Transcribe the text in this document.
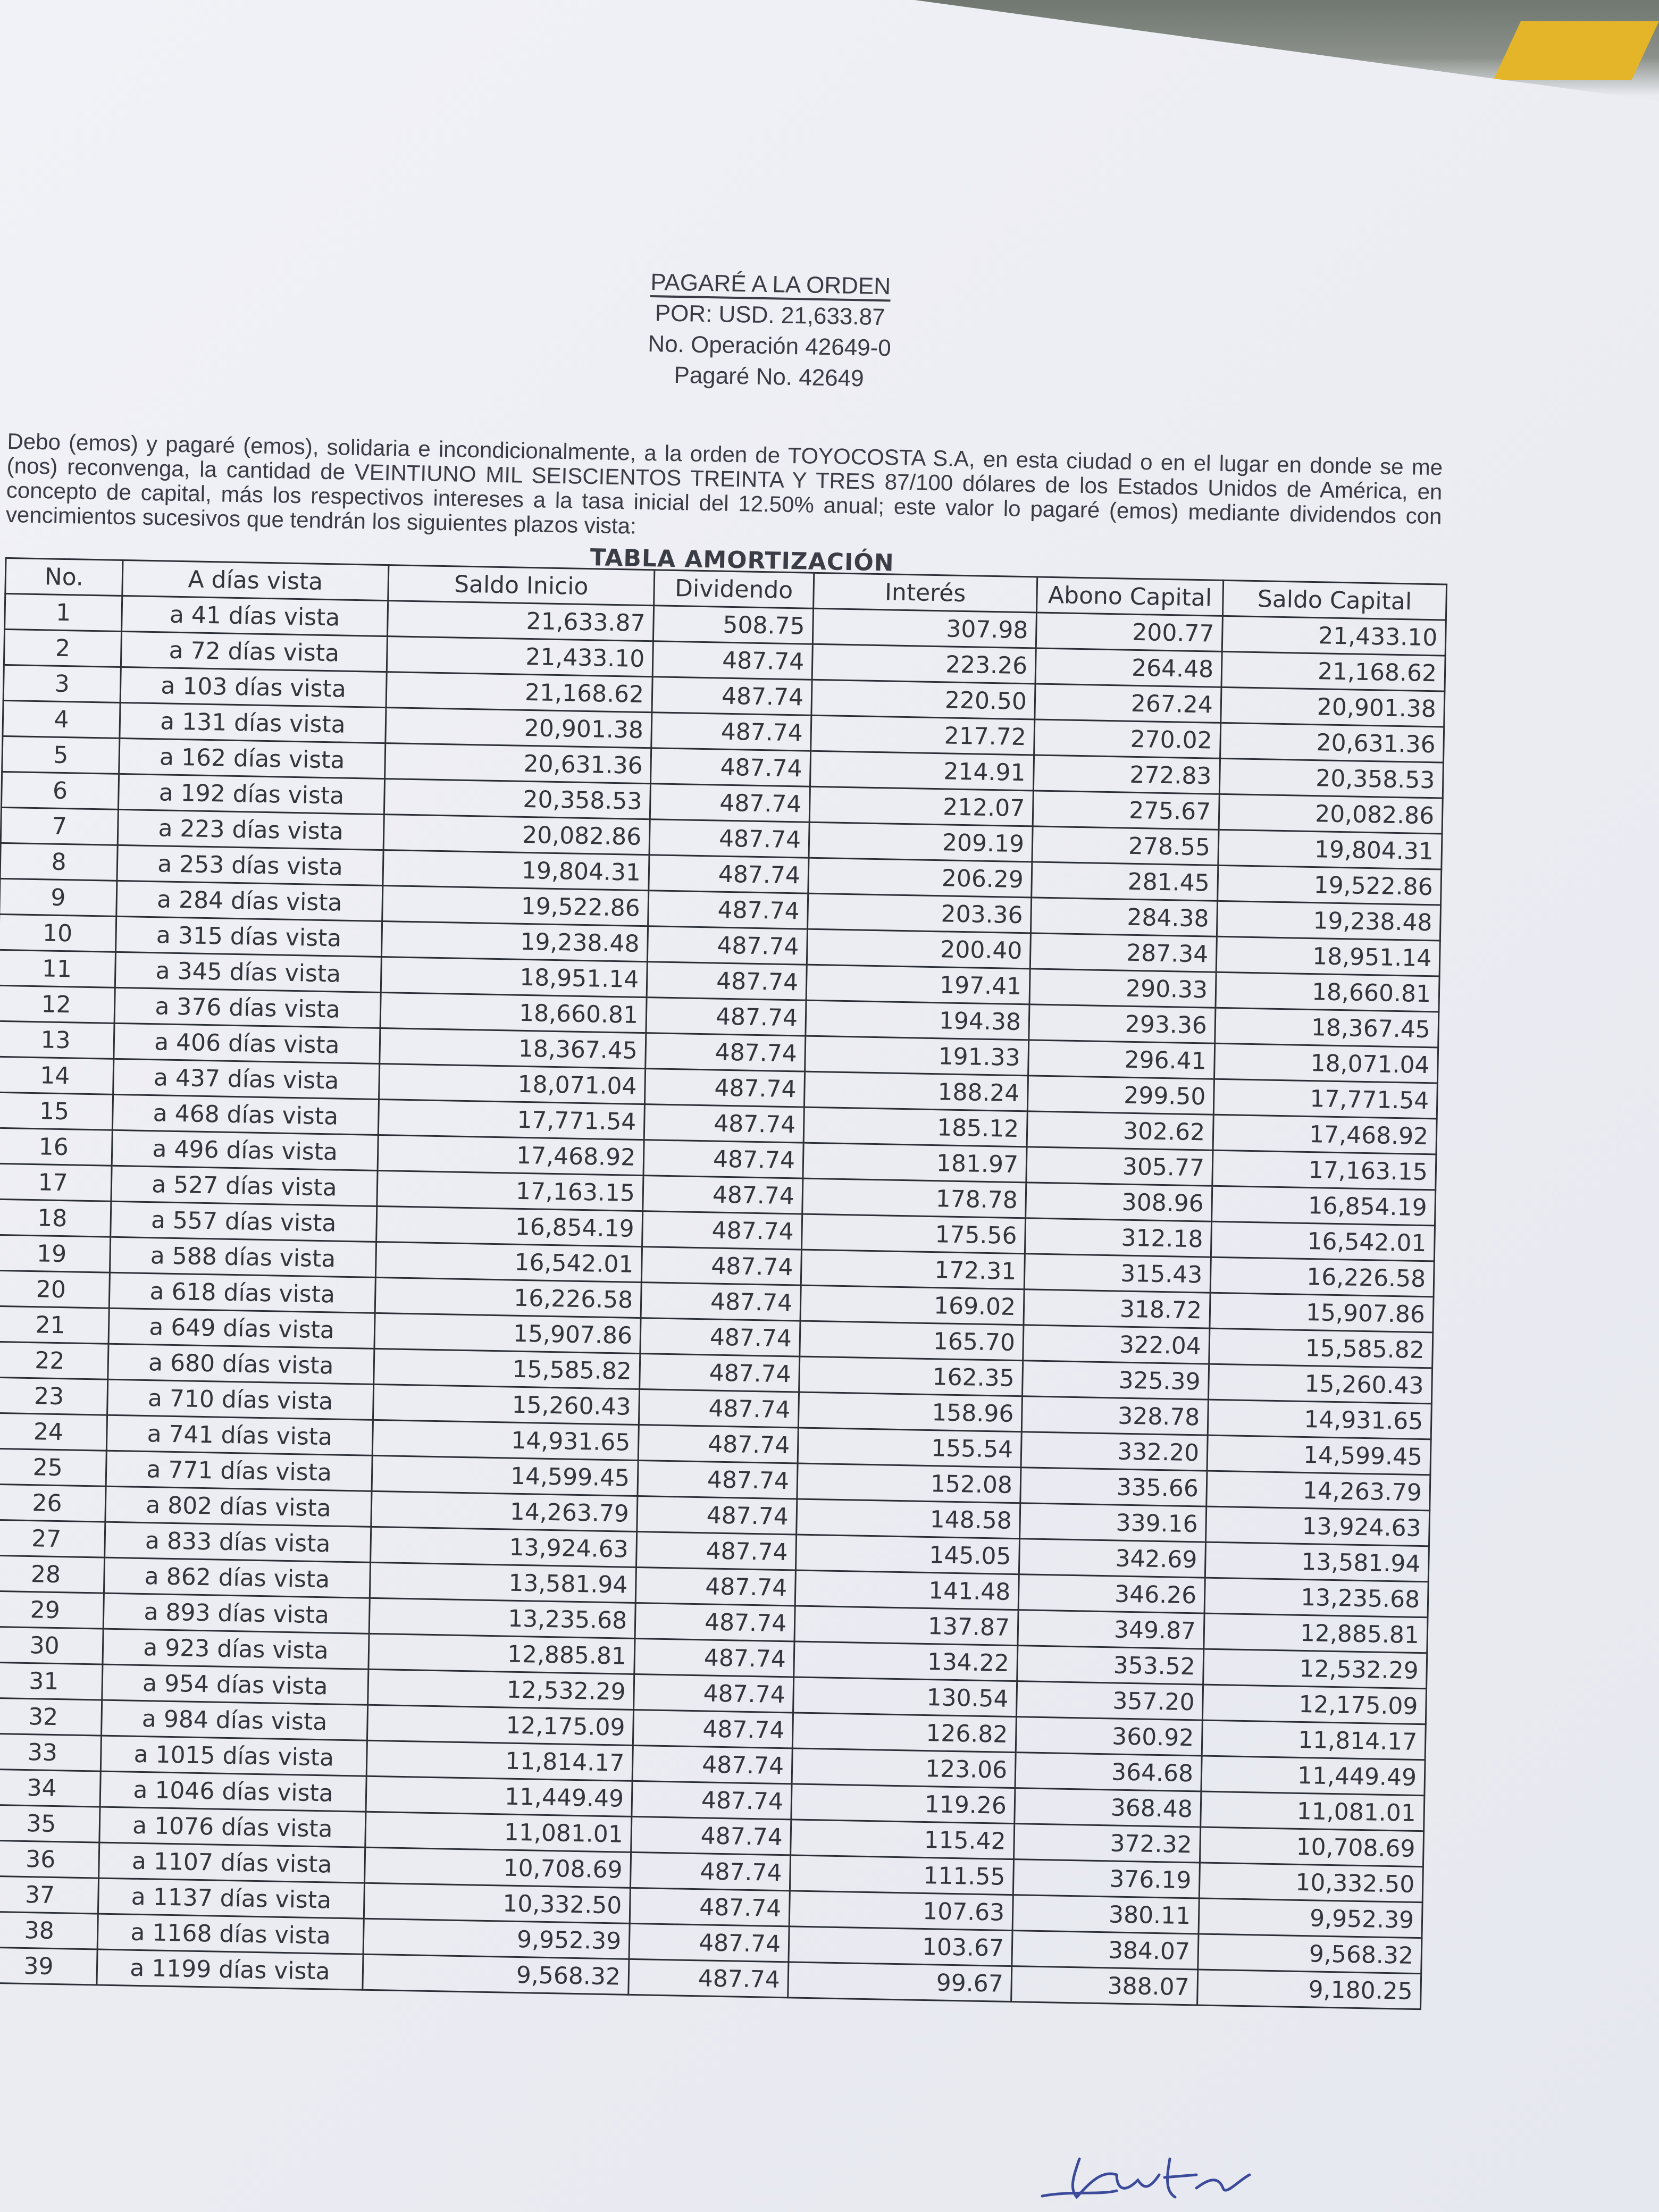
PAGARÉ A LA ORDEN
POR: USD. 21,633.87
No. Operación 42649-0
Pagaré No. 42649
Debo (emos) y pagaré (emos), solidaria e incondicionalmente, a la orden de TOYOCOSTA S.A, en esta ciudad o en el lugar en donde se me (nos) reconvenga, la cantidad de VEINTIUNO MIL SEISCIENTOS TREINTA Y TRES 87/100 dólares de los Estados Unidos de América, en concepto de capital, más los respectivos intereses a la tasa inicial del 12.50% anual; este valor lo pagaré (emos) mediante dividendos con vencimientos sucesivos que tendrán los siguientes plazos vista:
TABLA AMORTIZACIÓN
No.	A días vista	Saldo Inicio	Dividendo	Interés	Abono Capital	Saldo Capital
1	a 41 días vista	21,633.87	508.75	307.98	200.77	21,433.10
2	a 72 días vista	21,433.10	487.74	223.26	264.48	21,168.62
3	a 103 días vista	21,168.62	487.74	220.50	267.24	20,901.38
4	a 131 días vista	20,901.38	487.74	217.72	270.02	20,631.36
5	a 162 días vista	20,631.36	487.74	214.91	272.83	20,358.53
6	a 192 días vista	20,358.53	487.74	212.07	275.67	20,082.86
7	a 223 días vista	20,082.86	487.74	209.19	278.55	19,804.31
8	a 253 días vista	19,804.31	487.74	206.29	281.45	19,522.86
9	a 284 días vista	19,522.86	487.74	203.36	284.38	19,238.48
10	a 315 días vista	19,238.48	487.74	200.40	287.34	18,951.14
11	a 345 días vista	18,951.14	487.74	197.41	290.33	18,660.81
12	a 376 días vista	18,660.81	487.74	194.38	293.36	18,367.45
13	a 406 días vista	18,367.45	487.74	191.33	296.41	18,071.04
14	a 437 días vista	18,071.04	487.74	188.24	299.50	17,771.54
15	a 468 días vista	17,771.54	487.74	185.12	302.62	17,468.92
16	a 496 días vista	17,468.92	487.74	181.97	305.77	17,163.15
17	a 527 días vista	17,163.15	487.74	178.78	308.96	16,854.19
18	a 557 días vista	16,854.19	487.74	175.56	312.18	16,542.01
19	a 588 días vista	16,542.01	487.74	172.31	315.43	16,226.58
20	a 618 días vista	16,226.58	487.74	169.02	318.72	15,907.86
21	a 649 días vista	15,907.86	487.74	165.70	322.04	15,585.82
22	a 680 días vista	15,585.82	487.74	162.35	325.39	15,260.43
23	a 710 días vista	15,260.43	487.74	158.96	328.78	14,931.65
24	a 741 días vista	14,931.65	487.74	155.54	332.20	14,599.45
25	a 771 días vista	14,599.45	487.74	152.08	335.66	14,263.79
26	a 802 días vista	14,263.79	487.74	148.58	339.16	13,924.63
27	a 833 días vista	13,924.63	487.74	145.05	342.69	13,581.94
28	a 862 días vista	13,581.94	487.74	141.48	346.26	13,235.68
29	a 893 días vista	13,235.68	487.74	137.87	349.87	12,885.81
30	a 923 días vista	12,885.81	487.74	134.22	353.52	12,532.29
31	a 954 días vista	12,532.29	487.74	130.54	357.20	12,175.09
32	a 984 días vista	12,175.09	487.74	126.82	360.92	11,814.17
33	a 1015 días vista	11,814.17	487.74	123.06	364.68	11,449.49
34	a 1046 días vista	11,449.49	487.74	119.26	368.48	11,081.01
35	a 1076 días vista	11,081.01	487.74	115.42	372.32	10,708.69
36	a 1107 días vista	10,708.69	487.74	111.55	376.19	10,332.50
37	a 1137 días vista	10,332.50	487.74	107.63	380.11	9,952.39
38	a 1168 días vista	9,952.39	487.74	103.67	384.07	9,568.32
39	a 1199 días vista	9,568.32	487.74	99.67	388.07	9,180.25
